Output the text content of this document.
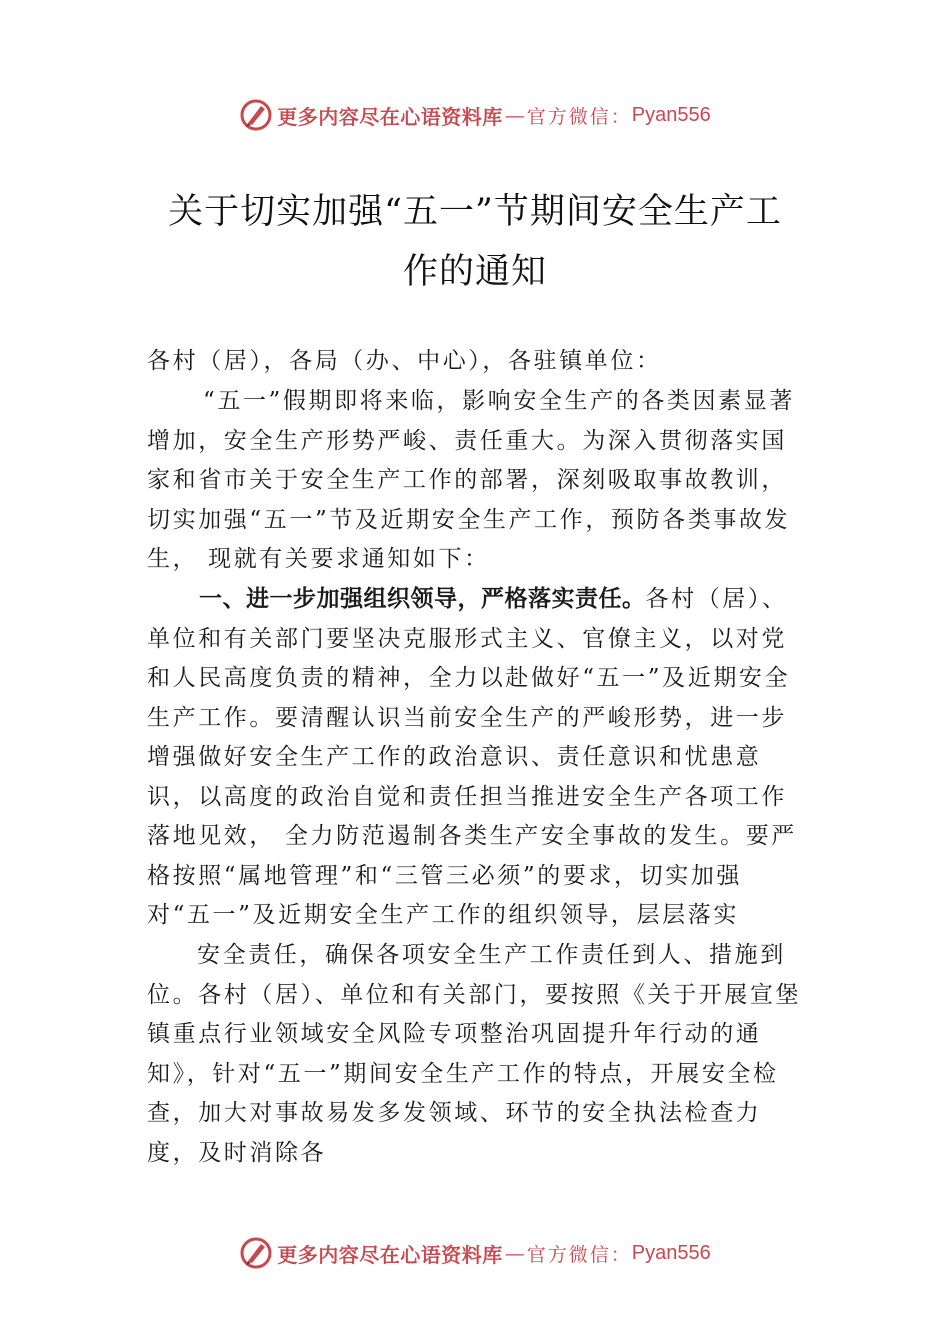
更多内容尽在心语资料库 — 官方微信： Pyan556
关于切实加强“五一”节期间安全生产工
作的通知
各村（居），各局（办、中心），各驻镇单位：
“五一”假期即将来临，影响安全生产的各类因素显著增加，安全生产形势严峻、责任重大。为深入贯彻落实国家和省市关于安全生产工作的部署，深刻吸取事故教训，切实加强“五一”节及近期安全生产工作，预防各类事故发生， 现就有关要求通知如下：
一、进一步加强组织领导，严格落实责任。各村（居）、单位和有关部门要坚决克服形式主义、官僚主义，以对党和人民高度负责的精神，全力以赴做好“五一”及近期安全生产工作。要清醒认识当前安全生产的严峻形势，进一步增强做好安全生产工作的政治意识、责任意识和忧患意识，以高度的政治自觉和责任担当推进安全生产各项工作落地见效， 全力防范遏制各类生产安全事故的发生。要严格按照“属地管理”和“三管三必须”的要求，切实加强对“五一”及近期安全生产工作的组织领导，层层落实
安全责任，确保各项安全生产工作责任到人、措施到位。各村（居）、单位和有关部门，要按照《关于开展宣堡镇重点行业领域安全风险专项整治巩固提升年行动的通知》，针对“五一”期间安全生产工作的特点，开展安全检查，加大对事故易发多发领域、环节的安全执法检查力度，及时消除各
更多内容尽在心语资料库 — 官方微信： Pyan556
